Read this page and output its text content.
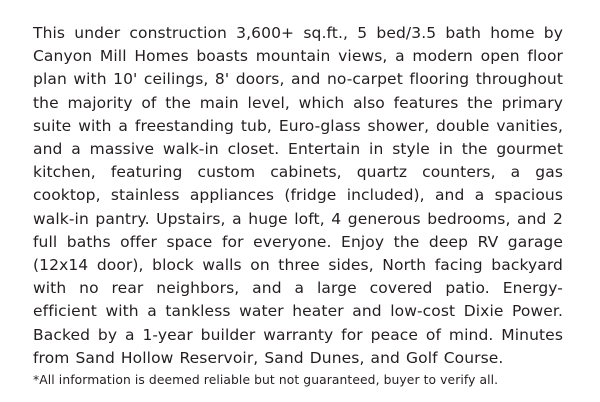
This under construction 3,600+ sq.ft., 5 bed/3.5 bath home by Canyon Mill Homes boasts mountain views, a modern open floor plan with 10' ceilings, 8' doors, and no-carpet flooring throughout the majority of the main level, which also features the primary suite with a freestanding tub, Euro-glass shower, double vanities, and a massive walk-in closet. Entertain in style in the gourmet kitchen, featuring custom cabinets, quartz counters, a gas cooktop, stainless appliances (fridge included), and a spacious walk-in pantry. Upstairs, a huge loft, 4 generous bedrooms, and 2 full baths offer space for everyone. Enjoy the deep RV garage (12x14 door), block walls on three sides, North facing backyard with no rear neighbors, and a large covered patio. Energy-efficient with a tankless water heater and low-cost Dixie Power. Backed by a 1-year builder warranty for peace of mind. Minutes from Sand Hollow Reservoir, Sand Dunes, and Golf Course.

*All information is deemed reliable but not guaranteed, buyer to verify all.
